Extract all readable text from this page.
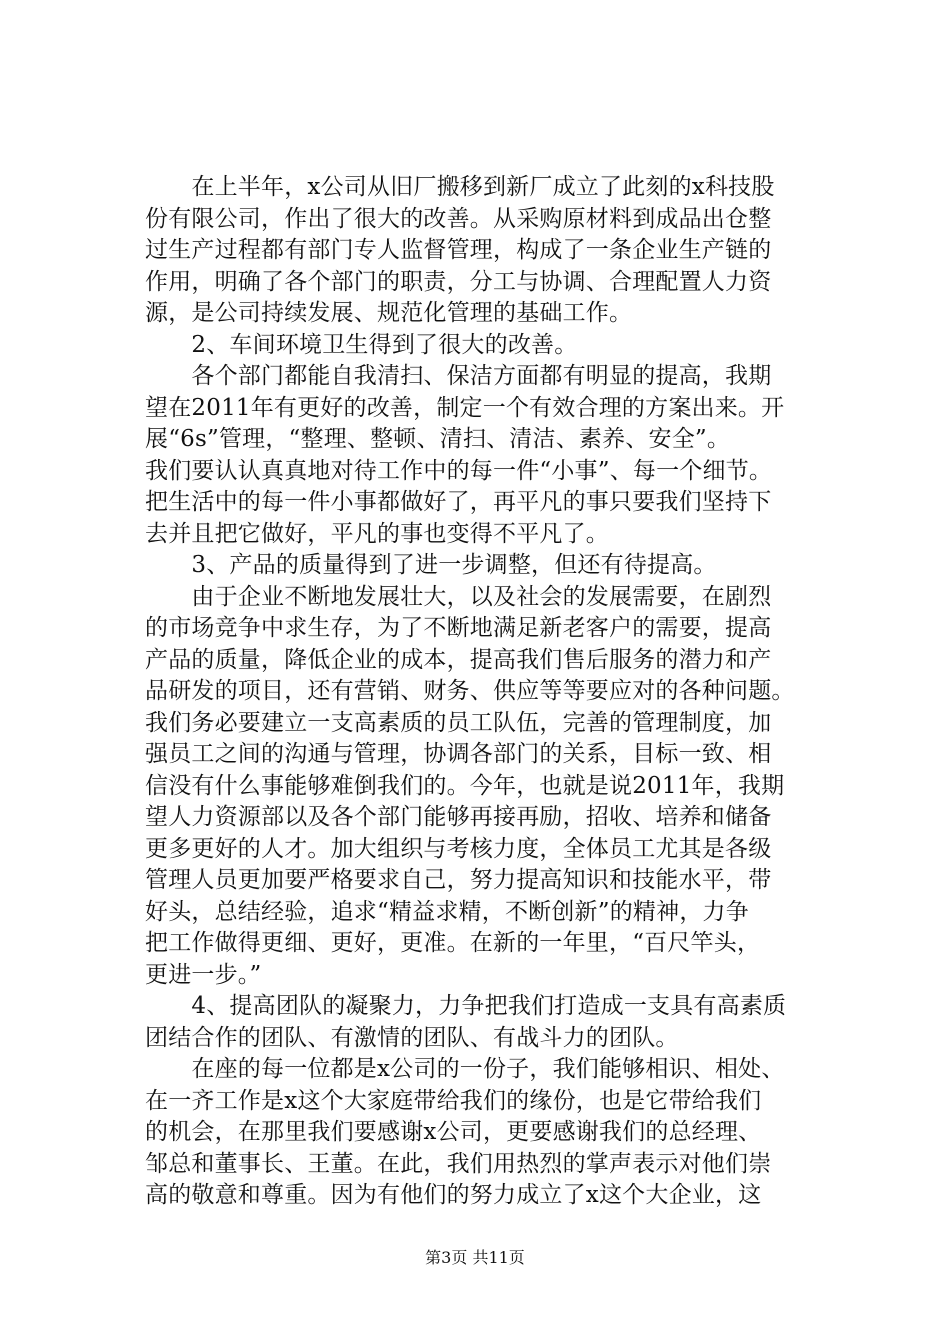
　　在上半年，x公司从旧厂搬移到新厂成立了此刻的x科技股
份有限公司，作出了很大的改善。从采购原材料到成品出仓整
过生产过程都有部门专人监督管理，构成了一条企业生产链的
作用，明确了各个部门的职责，分工与协调、合理配置人力资
源，是公司持续发展、规范化管理的基础工作。
　　2、车间环境卫生得到了很大的改善。
　　各个部门都能自我清扫、保洁方面都有明显的提高，我期
望在2011年有更好的改善，制定一个有效合理的方案出来。开
展“6s”管理，“整理、整顿、清扫、清洁、素养、安全”。
我们要认认真真地对待工作中的每一件“小事”、每一个细节。
把生活中的每一件小事都做好了，再平凡的事只要我们坚持下
去并且把它做好，平凡的事也变得不平凡了。
　　3、产品的质量得到了进一步调整，但还有待提高。
　　由于企业不断地发展壮大，以及社会的发展需要，在剧烈
的市场竞争中求生存，为了不断地满足新老客户的需要，提高
产品的质量，降低企业的成本，提高我们售后服务的潜力和产
品研发的项目，还有营销、财务、供应等等要应对的各种问题。
我们务必要建立一支高素质的员工队伍，完善的管理制度，加
强员工之间的沟通与管理，协调各部门的关系，目标一致、相
信没有什么事能够难倒我们的。今年，也就是说2011年，我期
望人力资源部以及各个部门能够再接再励，招收、培养和储备
更多更好的人才。加大组织与考核力度，全体员工尤其是各级
管理人员更加要严格要求自己，努力提高知识和技能水平，带
好头，总结经验，追求“精益求精，不断创新”的精神，力争
把工作做得更细、更好，更准。在新的一年里，“百尺竿头，
更进一步。”
　　4、提高团队的凝聚力，力争把我们打造成一支具有高素质
团结合作的团队、有激情的团队、有战斗力的团队。
　　在座的每一位都是x公司的一份子，我们能够相识、相处、
在一齐工作是x这个大家庭带给我们的缘份，也是它带给我们
的机会，在那里我们要感谢x公司，更要感谢我们的总经理、
邹总和董事长、王董。在此，我们用热烈的掌声表示对他们崇
高的敬意和尊重。因为有他们的努力成立了x这个大企业，这
第3页 共11页
